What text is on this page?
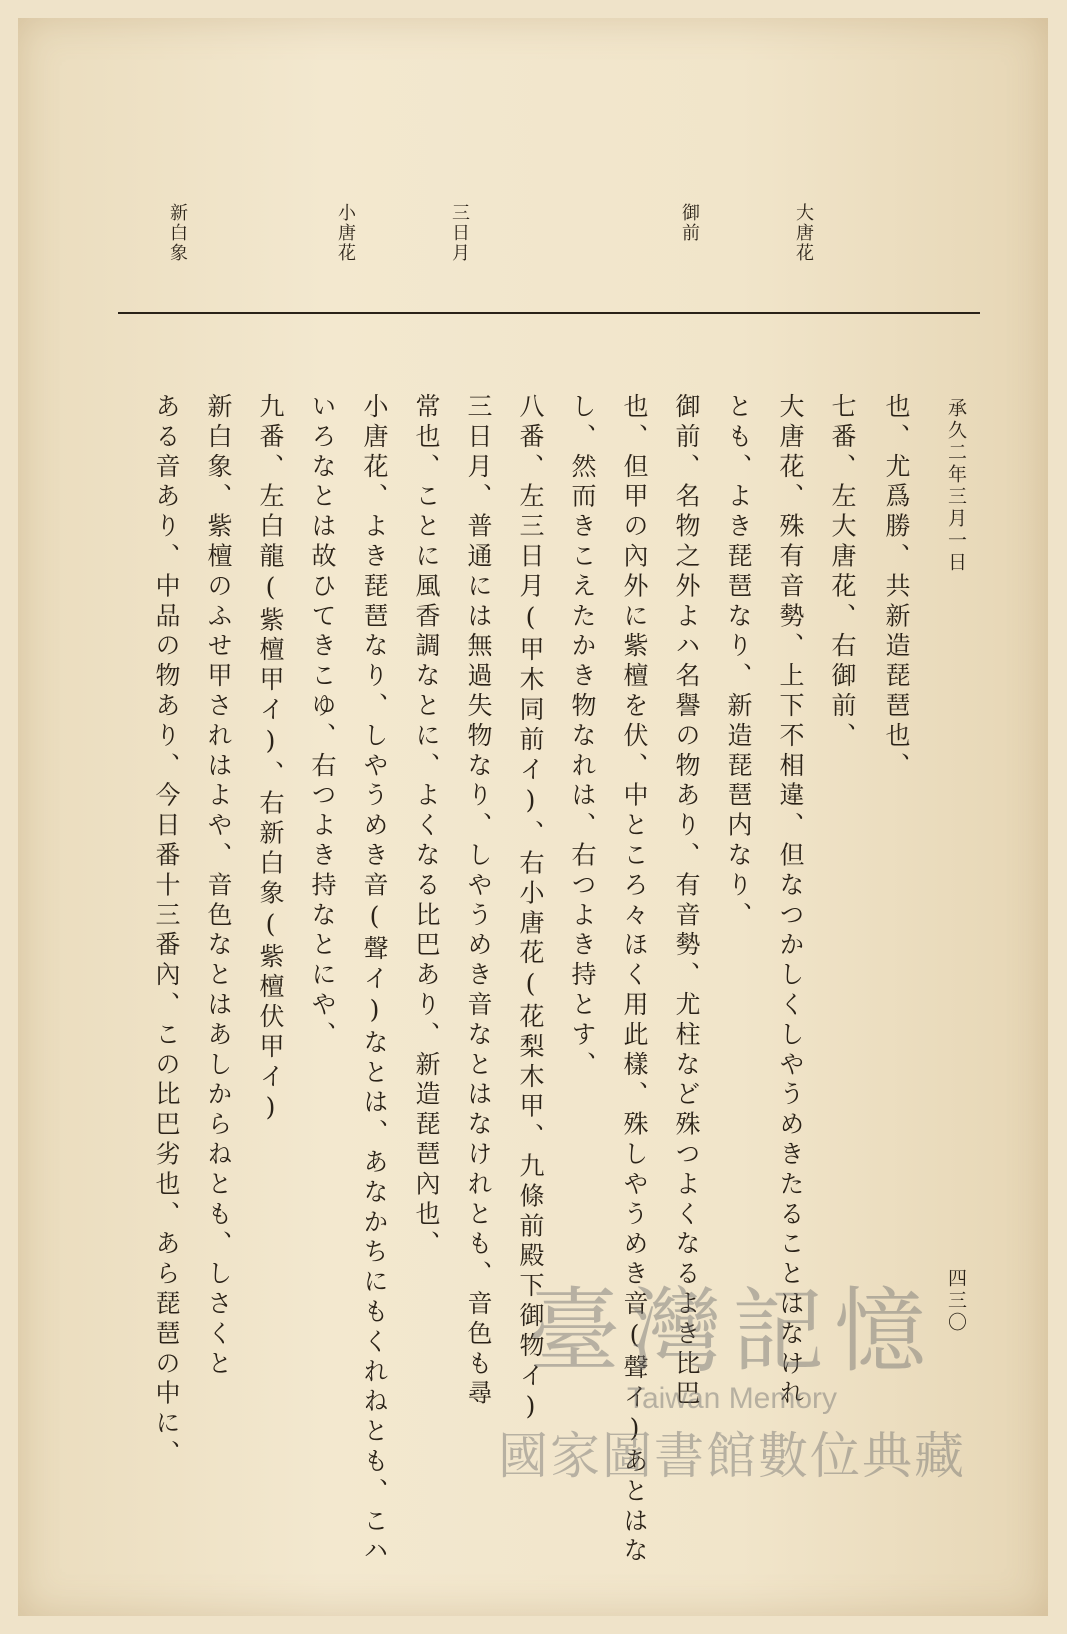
大唐花
御前
三日月
小唐花
新白象
承久二年三月一日
四三〇
也、尤爲勝、共新造琵琶也、
七番、左大唐花、右御前、
大唐花、殊有音勢、上下不相違、但なつかしくしやうめきたることはなけれ
とも、よき琵琶なり、新造琵琶内なり、
御前、名物之外よハ名譽の物あり、有音勢、尤柱など殊つよくなるよき比巴
也、但甲の內外に紫檀を伏、中ところ々ほく用此樣、殊しやうめき音(聲イ)あとはな
し、然而きこえたかき物なれは、右つよき持とす、
八番、左三日月(甲木同前イ)、右小唐花(花梨木甲、九條前殿下御物イ)
三日月、普通には無過失物なり、しやうめき音なとはなけれとも、音色も尋
常也、ことに風香調なとに、よくなる比巴あり、新造琵琶內也、
小唐花、よき琵琶なり、しやうめき音(聲イ)なとは、あなかちにもくれねとも、こハ
いろなとは故ひてきこゆ、右つよき持なとにや、
九番、左白龍(紫檀甲イ)、右新白象(紫檀伏甲イ)
新白象、紫檀のふせ甲されはよや、音色なとはあしからねとも、しさくと
ある音あり、中品の物あり、今日番十三番內、この比巴劣也、あら琵琶の中に、	臺灣記憶
Taiwan Memory
國家圖書館數位典藏
